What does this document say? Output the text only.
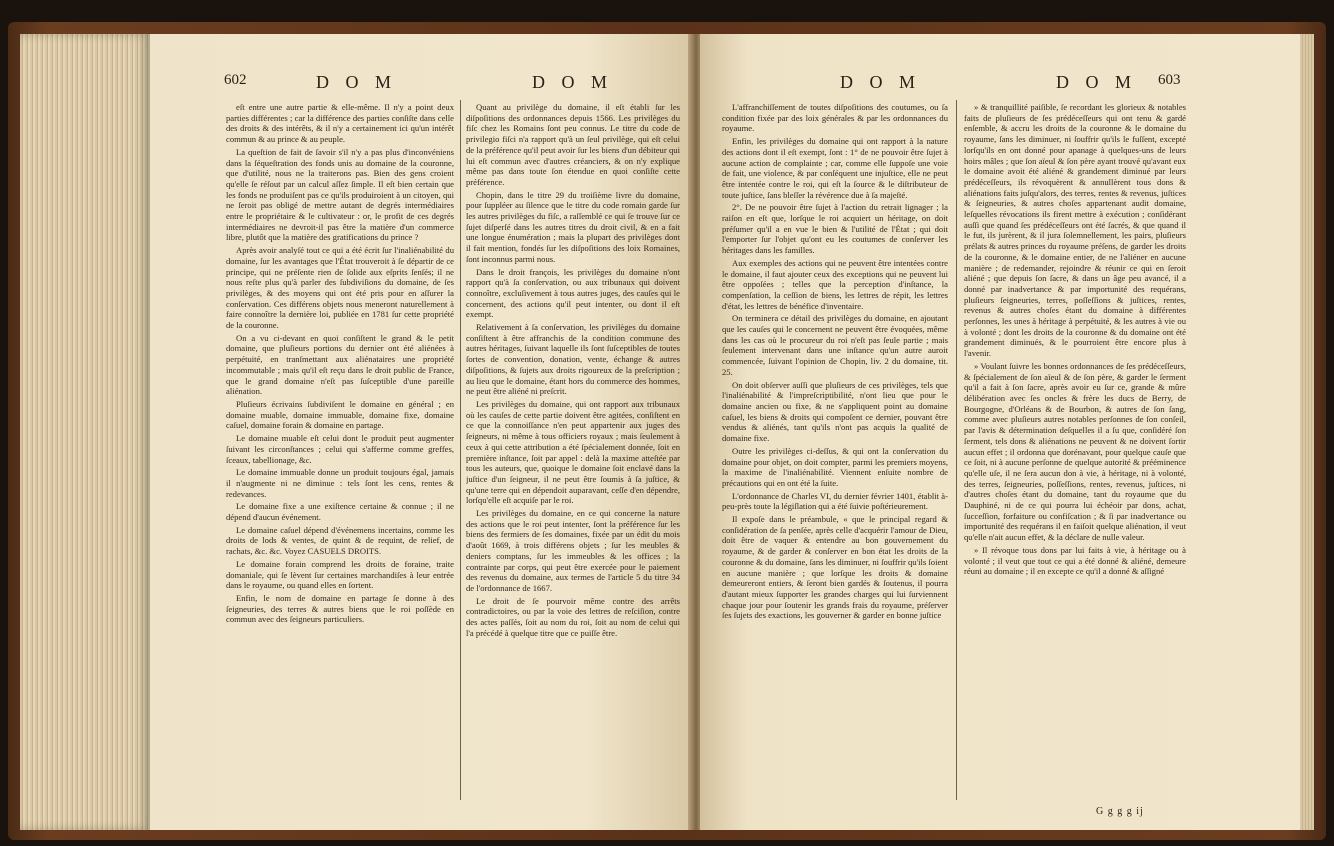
602	D O M	D O M

eſt entre une autre partie & elle-même. Il n'y a point deux parties différentes ; car la différence des parties conſiſte dans celle des droits & des intérêts, & il n'y a certainement ici qu'un intérêt commun & au prince & au peuple.

La queſtion de fait de ſavoir s'il n'y a pas plus d'inconvéniens dans la ſéqueſtration des fonds unis au domaine de la couronne, que d'utilité, nous ne la traiterons pas. Bien des gens croient qu'elle ſe réſout par un calcul aſſez ſimple. Il eſt bien certain que les fonds ne produiſent pas ce qu'ils produiroient à un citoyen, qui ne ſeroit pas obligé de mettre autant de degrés intermédiaires entre le propriétaire & le cultivateur : or, le profit de ces degrés intermédiaires ne devroit-il pas être la matière d'un commerce libre, plutôt que la matière des gratifications du prince ?

Après avoir analyſé tout ce qui a été écrit ſur l'inaliénabilité du domaine, ſur les avantages que l'État trouveroit à ſe départir de ce principe, qui ne préſente rien de ſolide aux eſprits ſenſés; il ne nous reſte plus qu'à parler des ſubdiviſions du domaine, de ſes privilèges, & des moyens qui ont été pris pour en aſſurer la conſervation. Ces différens objets nous meneront naturellement à faire connoître la dernière loi, publiée en 1781 ſur cette propriété de la couronne.

On a vu ci-devant en quoi conſiſtent le grand & le petit domaine, que pluſieurs portions du dernier ont été aliénées à perpétuité, en tranſmettant aux aliénataires une propriété incommutable ; mais qu'il eſt reçu dans le droit public de France, que le grand domaine n'eſt pas ſuſceptible d'une pareille aliénation.

Pluſieurs écrivains ſubdiviſent le domaine en général ; en domaine muable, domaine immuable, domaine fixe, domaine caſuel, domaine forain & domaine en partage.

Le domaine muable eſt celui dont le produit peut augmenter ſuivant les circonſtances ; celui qui s'afferme comme greffes, ſceaux, tabellionage, &c.

Le domaine immuable donne un produit toujours égal, jamais il n'augmente ni ne diminue : tels ſont les cens, rentes & redevances.

Le domaine fixe a une exiſtence certaine & connue ; il ne dépend d'aucun événement.

Le domaine caſuel dépend d'événemens incertains, comme les droits de lods & ventes, de quint & de requint, de relief, de rachats, &c. &c. Voyez CASUELS DROITS.

Le domaine forain comprend les droits de foraine, traite domaniale, qui ſe lèvent ſur certaines marchandiſes à leur entrée dans le royaume, ou quand elles en ſortent.

Enfin, le nom de domaine en partage ſe donne à des ſeigneuries, des terres & autres biens que le roi poſſède en commun avec des ſeigneurs particuliers.

Quant au privilège du domaine, il eſt établi ſur les diſpoſitions des ordonnances depuis 1566. Les privilèges du fiſc chez les Romains ſont peu connus. Le titre du code de privilegio fiſci n'a rapport qu'à un ſeul privilège, qui eſt celui de la préférence qu'il peut avoir ſur les biens d'un débiteur qui lui eſt commun avec d'autres créanciers, & on n'y explique même pas dans toute ſon étendue en quoi conſiſte cette préférence.

Chopin, dans le titre 29 du troiſième livre du domaine, pour ſuppléer au ſilence que le titre du code romain garde ſur les autres privilèges du fiſc, a raſſemblé ce qui ſe trouve ſur ce ſujet diſperſé dans les autres titres du droit civil, & en a fait une longue énumération ; mais la plupart des privilèges dont il fait mention, fondés ſur les diſpoſitions des loix Romaines, ſont inconnus parmi nous.

Dans le droit françois, les privilèges du domaine n'ont rapport qu'à ſa conſervation, ou aux tribunaux qui doivent connoître, excluſivement à tous autres juges, des cauſes qui le concernent, des actions qu'il peut intenter, ou dont il eſt exempt.

Relativement à ſa conſervation, les privilèges du domaine conſiſtent à être affranchis de la condition commune des autres héritages, ſuivant laquelle ils ſont ſuſceptibles de toutes ſortes de convention, donation, vente, échange & autres diſpoſitions, & ſujets aux droits rigoureux de la preſcription ; au lieu que le domaine, étant hors du commerce des hommes, ne peut être aliéné ni preſcrit.

Les privilèges du domaine, qui ont rapport aux tribunaux où les cauſes de cette partie doivent être agitées, conſiſtent en ce que la connoiſſance n'en peut appartenir aux juges des ſeigneurs, ni même à tous officiers royaux ; mais ſeulement à ceux à qui cette attribution a été ſpécialement donnée, ſoit en première inſtance, ſoit par appel : delà la maxime atteſtée par tous les auteurs, que, quoique le domaine ſoit enclavé dans la juſtice d'un ſeigneur, il ne peut être ſoumis à ſa juſtice, & qu'une terre qui en dépendoit auparavant, ceſſe d'en dépendre, lorſqu'elle eſt acquiſe par le roi.

Les privilèges du domaine, en ce qui concerne la nature des actions que le roi peut intenter, ſont la préférence ſur les biens des fermiers de ſes domaines, fixée par un édit du mois d'août 1669, à trois différens objets ; ſur les meubles & deniers comptans, ſur les immeubles & les offices ; la contrainte par corps, qui peut être exercée pour le paiement des revenus du domaine, aux termes de l'article 5 du titre 34 de l'ordonnance de 1667.

Le droit de ſe pourvoir même contre des arrêts contradictoires, ou par la voie des lettres de reſciſion, contre des actes paſſés, ſoit au nom du roi, ſoit au nom de celui qui l'a précédé à quelque titre que ce puiſſe être.

D O M	D O M 603

L'affranchiſſement de toutes diſpoſitions des coutumes, ou ſa condition fixée par des loix générales & par les ordonnances du royaume.

Enfin, les privilèges du domaine qui ont rapport à la nature des actions dont il eſt exempt, ſont : 1° de ne pouvoir être ſujet à aucune action de complainte ; car, comme elle ſuppoſe une voie de fait, une violence, & par conſéquent une injuſtice, elle ne peut être intentée contre le roi, qui eſt la ſource & le diſtributeur de toute juſtice, ſans bleſſer la révérence due à ſa majeſté.

2°. De ne pouvoir être ſujet à l'action du retrait lignager ; la raiſon en eſt que, lorſque le roi acquiert un héritage, on doit préſumer qu'il a en vue le bien & l'utilité de l'État ; qui doit l'emporter ſur l'objet qu'ont eu les coutumes de conſerver les héritages dans les familles.

Aux exemples des actions qui ne peuvent être intentées contre le domaine, il faut ajouter ceux des exceptions qui ne peuvent lui être oppoſées ; telles que la perception d'inſtance, la compenſation, la ceſſion de biens, les lettres de répit, les lettres d'état, les lettres de bénéfice d'inventaire.

On terminera ce détail des privilèges du domaine, en ajoutant que les cauſes qui le concernent ne peuvent être évoquées, même dans les cas où le procureur du roi n'eſt pas ſeule partie ; mais ſeulement intervenant dans une inſtance qu'un autre auroit commencée, ſuivant l'opinion de Chopin, liv. 2 du domaine, tit. 25.

On doit obſerver auſſi que pluſieurs de ces privilèges, tels que l'inaliénabilité & l'impreſcriptibilité, n'ont lieu que pour le domaine ancien ou fixe, & ne s'appliquent point au domaine caſuel, les biens & droits qui compoſent ce dernier, pouvant être vendus & aliénés, tant qu'ils n'ont pas acquis la qualité de domaine fixe.

Outre les privilèges ci-deſſus, & qui ont la conſervation du domaine pour objet, on doit compter, parmi les premiers moyens, la maxime de l'inaliénabilité. Viennent enſuite nombre de précautions qui en ont été la ſuite.

L'ordonnance de Charles VI, du dernier février 1401, établit à-peu-près toute la légiſlation qui a été ſuivie poſtérieurement.

Il expoſe dans le préambule, « que le principal regard & conſidération de ſa penſée, après celle d'acquérir l'amour de Dieu, doit être de vaquer & entendre au bon gouvernement du royaume, & de garder & conſerver en bon état les droits de la couronne & du domaine, ſans les diminuer, ni ſouffrir qu'ils ſoient en aucune manière ; que lorſque les droits & domaine demeureront entiers, & ſeront bien gardés & ſoutenus, il pourra d'autant mieux ſupporter les grandes charges qui lui ſurviennent chaque jour pour ſoutenir les grands frais du royaume, préſerver ſes ſujets des exactions, les gouverner & garder en bonne juſtice

» & tranquillité paiſible, ſe recordant les glorieux & notables faits de pluſieurs de ſes prédéceſſeurs qui ont tenu & gardé enſemble, & accru les droits de la couronne & le domaine du royaume, ſans les diminuer, ni ſouffrir qu'ils le fuſſent, excepté lorſqu'ils en ont donné pour apanage à quelques-uns de leurs hoirs mâles ; que ſon aïeul & ſon père ayant trouvé qu'avant eux le domaine avoit été aliéné & grandement diminué par leurs prédéceſſeurs, ils révoquèrent & annullèrent tous dons & aliénations faits juſqu'alors, des terres, rentes & revenus, juſtices & ſeigneuries, & autres choſes appartenant audit domaine, leſquelles révocations ils firent mettre à exécution ; conſidérant auſſi que quand ſes prédéceſſeurs ont été ſacrés, & que quand il le fut, ils jurèrent, & il jura ſolemnellement, les pairs, pluſieurs prélats & autres princes du royaume préſens, de garder les droits de la couronne, & le domaine entier, de ne l'aliéner en aucune manière ; de redemander, rejoindre & réunir ce qui en ſeroit aliéné ; que depuis ſon ſacre, & dans un âge peu avancé, il a donné par inadvertance & par importunité des requérans, pluſieurs ſeigneuries, terres, poſſeſſions & juſtices, rentes, revenus & autres choſes étant du domaine à différentes perſonnes, les unes à héritage à perpétuité, & les autres à vie ou à volonté ; dont les droits de la couronne & du domaine ont été grandement diminués, & le pourroient être encore plus à l'avenir.

» Voulant ſuivre les bonnes ordonnances de ſes prédéceſſeurs, & ſpécialement de ſon aïeul & de ſon père, & garder le ſerment qu'il a fait à ſon ſacre, après avoir eu ſur ce, grande & mûre délibération avec ſes oncles & frère les ducs de Berry, de Bourgogne, d'Orléans & de Bourbon, & autres de ſon ſang, comme avec pluſieurs autres notables perſonnes de ſon conſeil, par l'avis & détermination deſquelles il a ſu que, conſidéré ſon ſerment, tels dons & aliénations ne peuvent & ne doivent ſortir aucun effet ; il ordonna que dorénavant, pour quelque cauſe que ce ſoit, ni à aucune perſonne de quelque autorité & prééminence qu'elle uſe, il ne ſera aucun don à vie, à héritage, ni à volonté, des terres, ſeigneuries, poſſeſſions, rentes, revenus, juſtices, ni d'autres choſes étant du domaine, tant du royaume que du Dauphiné, ni de ce qui pourra lui échéoir par dons, achat, ſucceſſion, forfaiture ou confiſcation ; & ſi par inadvertance ou importunité des requérans il en faiſoit quelque aliénation, il veut qu'elle n'ait aucun effet, & la déclare de nulle valeur.

» Il révoque tous dons par lui faits à vie, à héritage ou à volonté ; il veut que tout ce qui a été donné & aliéné, demeure réuni au domaine ; il en excepte ce qu'il a donné & aſſigné

G g g g ij
